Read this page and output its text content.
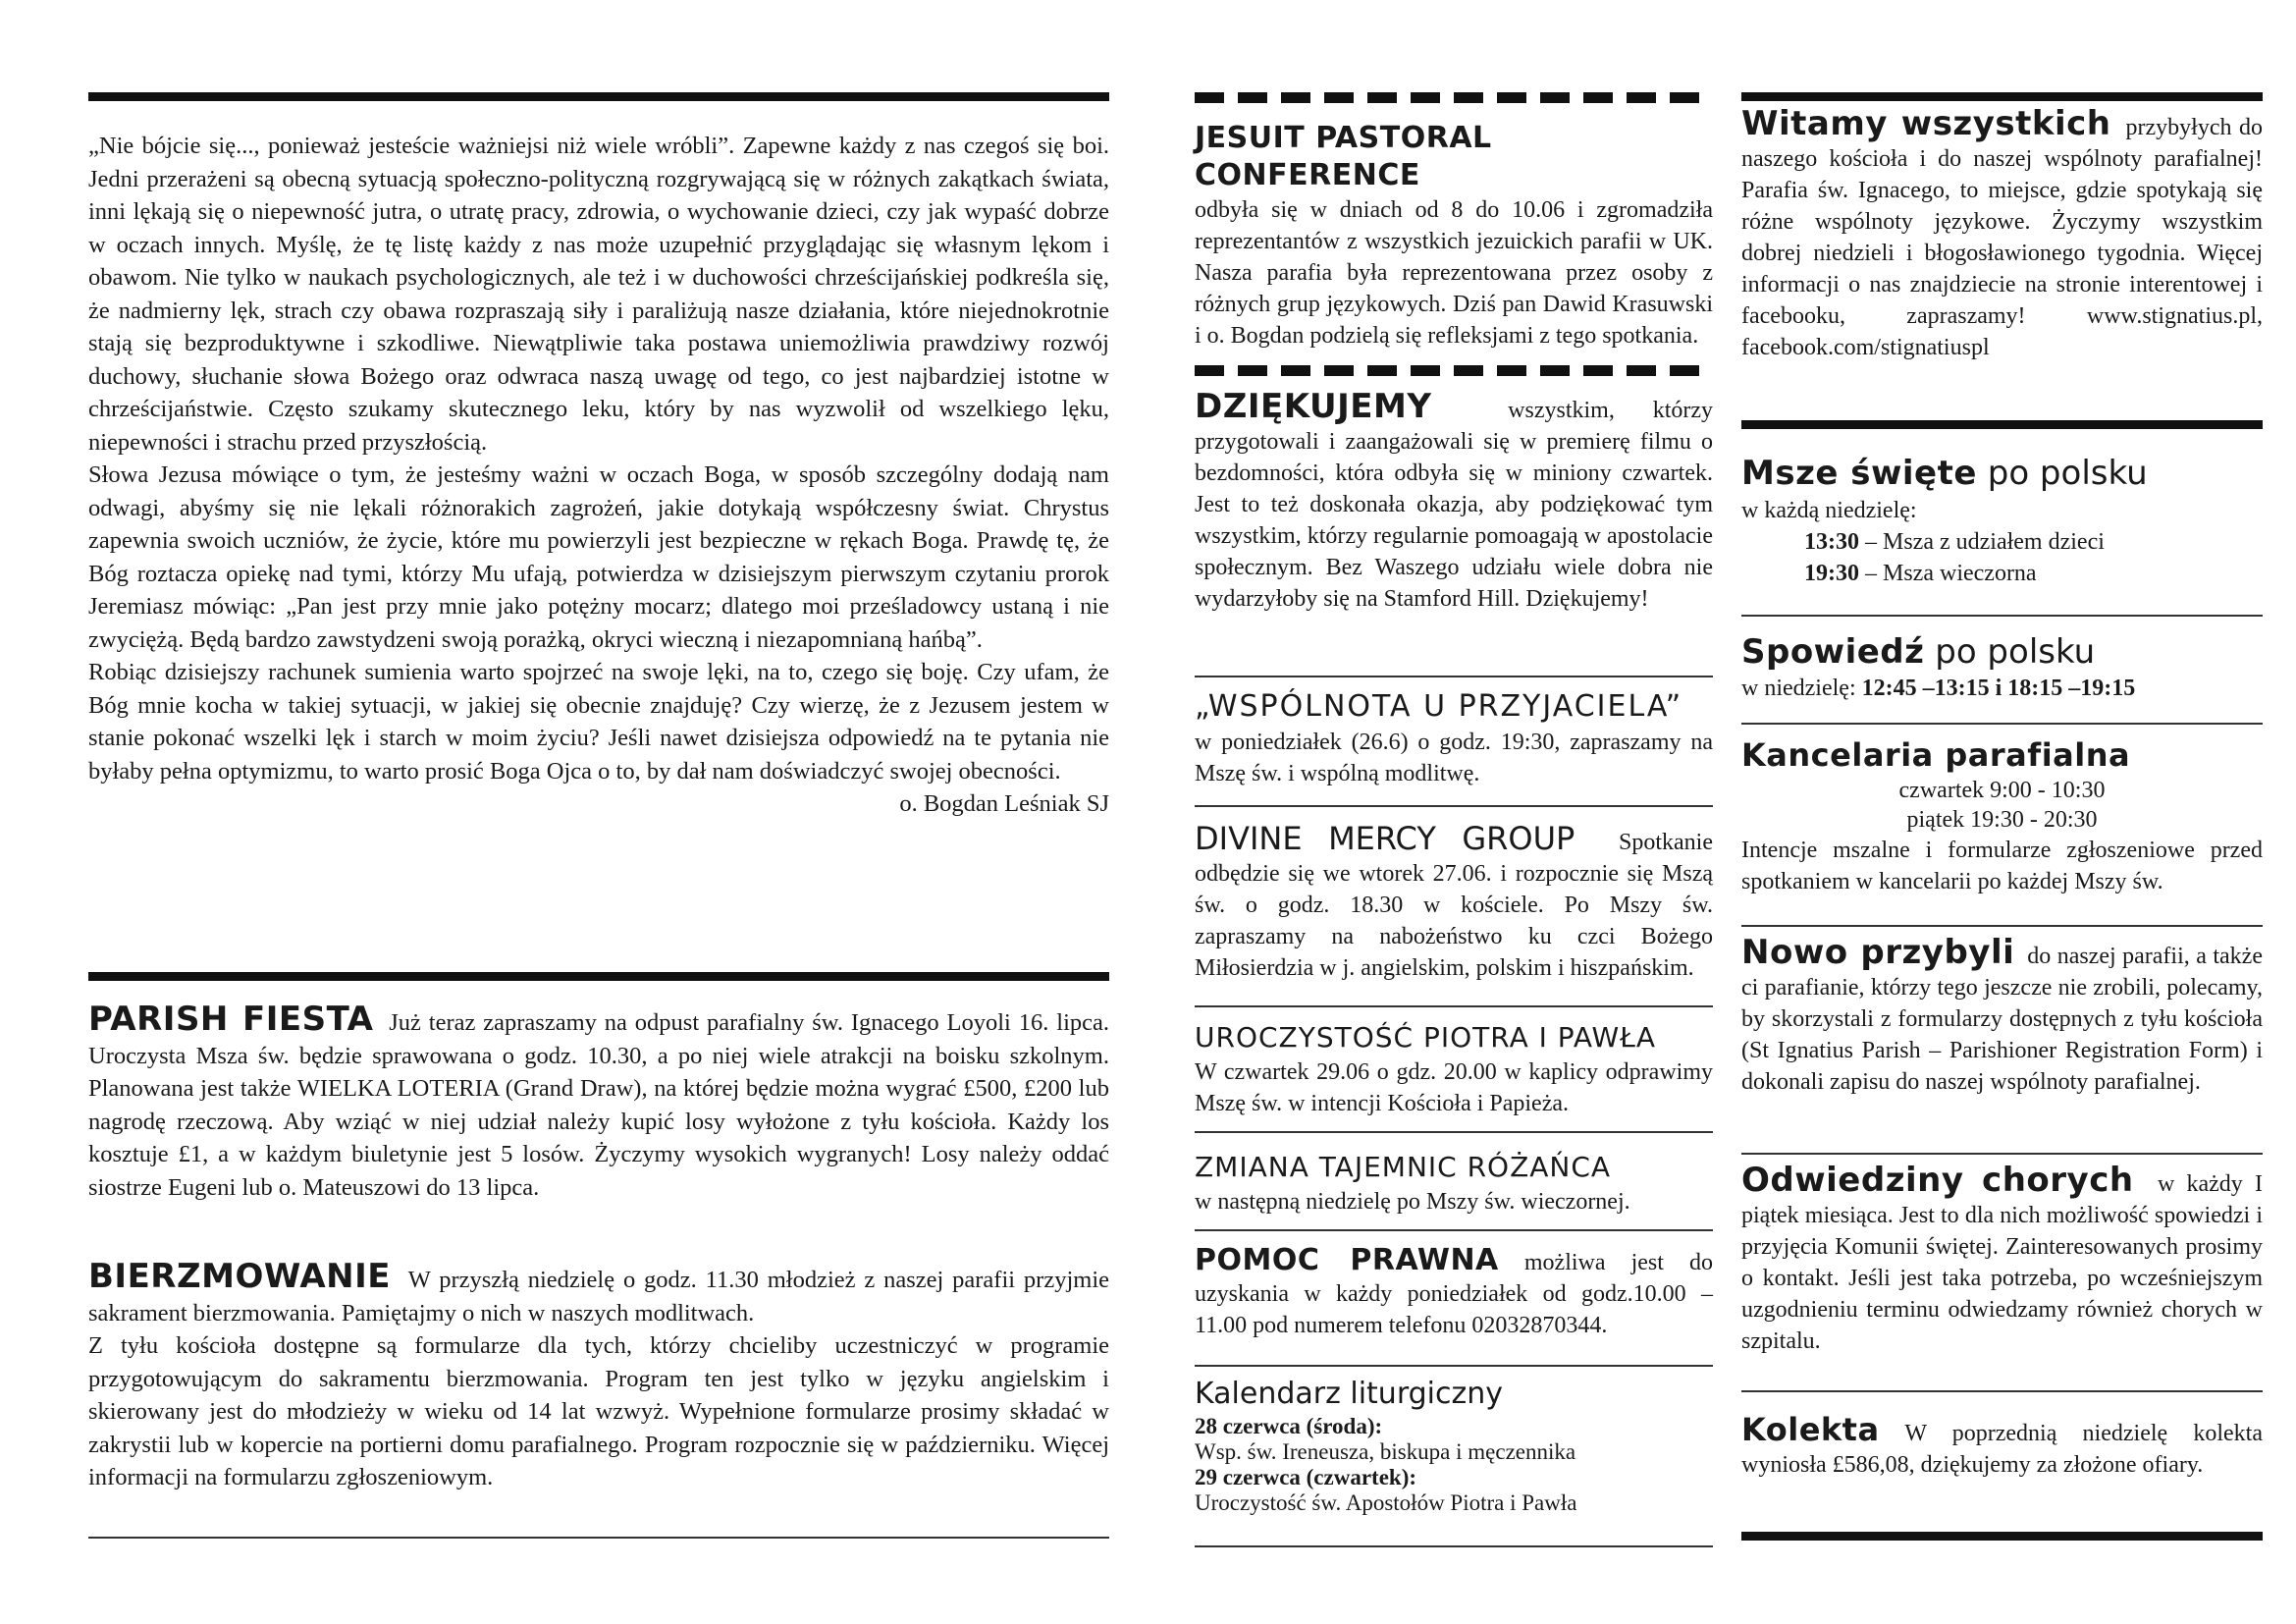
„Nie bójcie się..., ponieważ jesteście ważniejsi niż wiele wróbli”. Zapewne każdy z nas czegoś się boi. Jedni przerażeni są obecną sytuacją społeczno-polityczną rozgrywającą się w różnych zakątkach świata, inni lękają się o niepewność jutra, o utratę pracy, zdrowia, o wychowanie dzieci, czy jak wypaść dobrze w oczach innych. Myślę, że tę listę każdy z nas może uzupełnić przyglądając się własnym lękom i obawom. Nie tylko w naukach psychologicznych, ale też i w duchowości chrześcijańskiej podkreśla się, że nadmierny lęk, strach czy obawa rozpraszają siły i paraliżują nasze działania, które niejednokrotnie stają się bezproduktywne i szkodliwe. Niewątpliwie taka postawa uniemożliwia prawdziwy rozwój duchowy, słuchanie słowa Bożego oraz odwraca naszą uwagę od tego, co jest najbardziej istotne w chrześcijaństwie. Często szukamy skutecznego leku, który by nas wyzwolił od wszelkiego lęku, niepewności i strachu przed przyszłością.

Słowa Jezusa mówiące o tym, że jesteśmy ważni w oczach Boga, w sposób szczególny dodają nam odwagi, abyśmy się nie lękali różnorakich zagrożeń, jakie dotykają współczesny świat. Chrystus zapewnia swoich uczniów, że życie, które mu powierzyli jest bezpieczne w rękach Boga. Prawdę tę, że Bóg roztacza opiekę nad tymi, którzy Mu ufają, potwierdza w dzisiejszym pierwszym czytaniu prorok Jeremiasz mówiąc: „Pan jest przy mnie jako potężny mocarz; dlatego moi prześladowcy ustaną i nie zwyciężą. Będą bardzo zawstydzeni swoją porażką, okryci wieczną i niezapomnianą hańbą”.

Robiąc dzisiejszy rachunek sumienia warto spojrzeć na swoje lęki, na to, czego się boję. Czy ufam, że Bóg mnie kocha w takiej sytuacji, w jakiej się obecnie znajduję? Czy wierzę, że z Jezusem jestem w stanie pokonać wszelki lęk i starch w moim życiu? Jeśli nawet dzisiejsza odpowiedź na te pytania nie byłaby pełna optymizmu, to warto prosić Boga Ojca o to, by dał nam doświadczyć swojej obecności.

o. Bogdan Leśniak SJ

PARISH FIESTA Już teraz zapraszamy na odpust parafialny św. Ignacego Loyoli 16. lipca. Uroczysta Msza św. będzie sprawowana o godz. 10.30, a po niej wiele atrakcji na boisku szkolnym. Planowana jest także WIELKA LOTERIA (Grand Draw), na której będzie można wygrać £500, £200 lub nagrodę rzeczową. Aby wziąć w niej udział należy kupić losy wyłożone z tyłu kościoła. Każdy los kosztuje £1, a w każdym biuletynie jest 5 losów. Życzymy wysokich wygranych! Losy należy oddać siostrze Eugeni lub o. Mateuszowi do 13 lipca.

BIERZMOWANIE W przyszłą niedzielę o godz. 11.30 młodzież z naszej parafii przyjmie sakrament bierzmowania. Pamiętajmy o nich w naszych modlitwach.

Z tyłu kościoła dostępne są formularze dla tych, którzy chcieliby uczestniczyć w programie przygotowującym do sakramentu bierzmowania. Program ten jest tylko w języku angielskim i skierowany jest do młodzieży w wieku od 14 lat wzwyż. Wypełnione formularze prosimy składać w zakrystii lub w kopercie na portierni domu parafialnego. Program rozpocznie się w październiku. Więcej informacji na formularzu zgłoszeniowym.

JESUIT PASTORAL CONFERENCE

odbyła się w dniach od 8 do 10.06 i zgromadziła reprezentantów z wszystkich jezuickich parafii w UK. Nasza parafia była reprezentowana przez osoby z różnych grup językowych. Dziś pan Dawid Krasuwski i o. Bogdan podzielą się refleksjami z tego spotkania.

DZIĘKUJEMY	wszystkim, którzy przygotowali i zaangażowali się w premierę filmu o bezdomności, która odbyła się w miniony czwartek. Jest to też doskonała okazja, aby podziękować tym wszystkim, którzy regularnie pomoagają w apostolacie społecznym. Bez Waszego udziału wiele dobra nie wydarzyłoby się na Stamford Hill. Dziękujemy!

„WSPÓLNOTA U PRZYJACIELA”

w poniedziałek (26.6) o godz. 19:30, zapraszamy na Mszę św. i wspólną modlitwę.

DIVINE MERCY GROUP Spotkanie odbędzie się we wtorek 27.06. i rozpocznie się Mszą św. o godz. 18.30 w kościele. Po Mszy św. zapraszamy na nabożeństwo ku czci Bożego Miłosierdzia w j. angielskim, polskim i hiszpańskim.

UROCZYSTOŚĆ PIOTRA I PAWŁA

W czwartek 29.06 o gdz. 20.00 w kaplicy odprawimy Mszę św. w intencji Kościoła i Papieża.

ZMIANA TAJEMNIC RÓŻAŃCA

w następną niedzielę po Mszy św. wieczornej.

POMOC PRAWNA możliwa jest do uzyskania w każdy poniedziałek od godz.10.00 – 11.00 pod numerem telefonu 02032870344.

Kalendarz liturgiczny
28 czerwca (środa):
Wsp. św. Ireneusza, biskupa i męczennika
29 czerwca (czwartek):
Uroczystość św. Apostołów Piotra i Pawła

Witamy wszystkich przybyłych do naszego kościoła i do naszej wspólnoty parafialnej! Parafia św. Ignacego, to miejsce, gdzie spotykają się różne wspólnoty językowe. Życzymy wszystkim dobrej niedzieli i błogosławionego tygodnia. Więcej informacji o nas znajdziecie na stronie interentowej i facebooku, zapraszamy! www.stignatius.pl, facebook.com/stignatiuspl

Msze święte po polsku
w każdą niedzielę:
13:30 – Msza z udziałem dzieci
19:30 – Msza wieczorna
Spowiedź po polsku
w niedzielę: 12:45 –13:15 i 18:15 –19:15
Kancelaria parafialna
czwartek 9:00 - 10:30
piątek 19:30 - 20:30

Intencje mszalne i formularze zgłoszeniowe przed spotkaniem w kancelarii po każdej Mszy św.

Nowo przybyli do naszej parafii, a także ci parafianie, którzy tego jeszcze nie zrobili, polecamy, by skorzystali z formularzy dostępnych z tyłu kościoła (St Ignatius Parish – Parishioner Registration Form) i dokonali zapisu do naszej wspólnoty parafialnej.

Odwiedziny chorych w każdy I piątek miesiąca. Jest to dla nich możliwość spowiedzi i przyjęcia Komunii świętej. Zainteresowanych prosimy o kontakt. Jeśli jest taka potrzeba, po wcześniejszym uzgodnieniu terminu odwiedzamy również chorych w szpitalu.

Kolekta W poprzednią niedzielę kolekta wyniosła £586,08, dziękujemy za złożone ofiary.
